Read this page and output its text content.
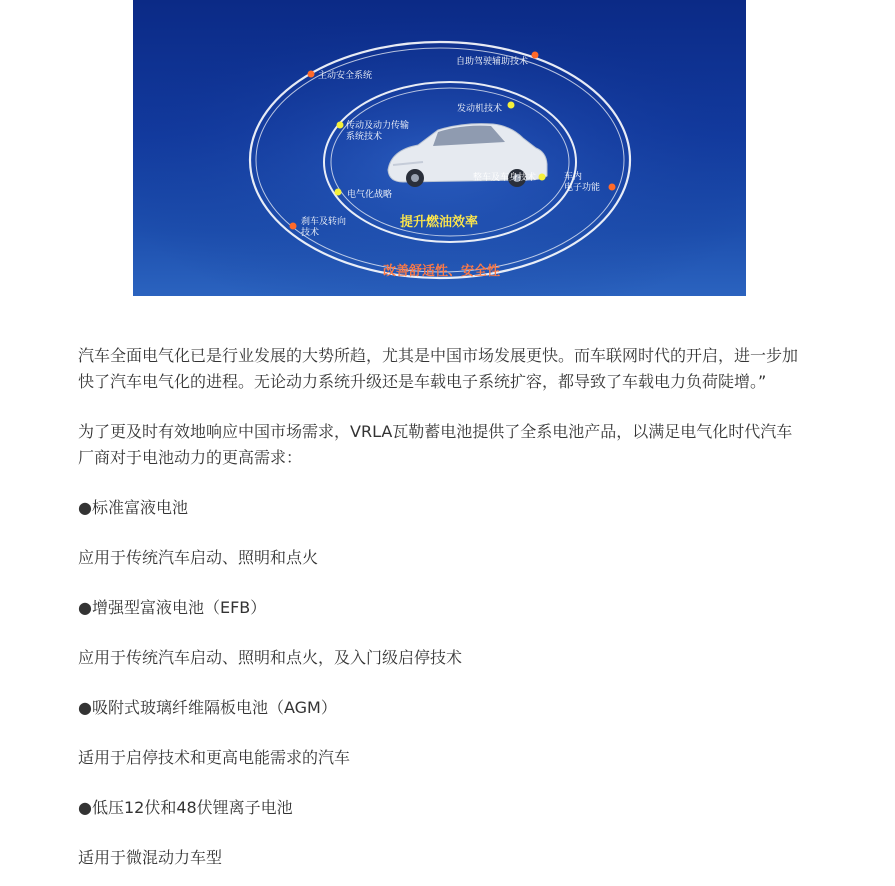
主动安全系统
自助驾驶辅助技术
传动及动力传输系统技术
发动机技术
整车及车身技术
电气化战略
车内电子功能
刹车及转向技术
提升燃油效率
改善舒适性、安全性

汽车全面电气化已是行业发展的大势所趋，尤其是中国市场发展更快。而车联网时代的开启，进一步加快了汽车电气化的进程。无论动力系统升级还是车载电子系统扩容，都导致了车载电力负荷陡增。”

为了更及时有效地响应中国市场需求，VRLA瓦勒蓄电池提供了全系电池产品，以满足电气化时代汽车厂商对于电池动力的更高需求：

●标准富液电池

应用于传统汽车启动、照明和点火

●增强型富液电池（EFB）

应用于传统汽车启动、照明和点火，及入门级启停技术

●吸附式玻璃纤维隔板电池（AGM）

适用于启停技术和更高电能需求的汽车

●低压12伏和48伏锂离子电池

适用于微混动力车型
